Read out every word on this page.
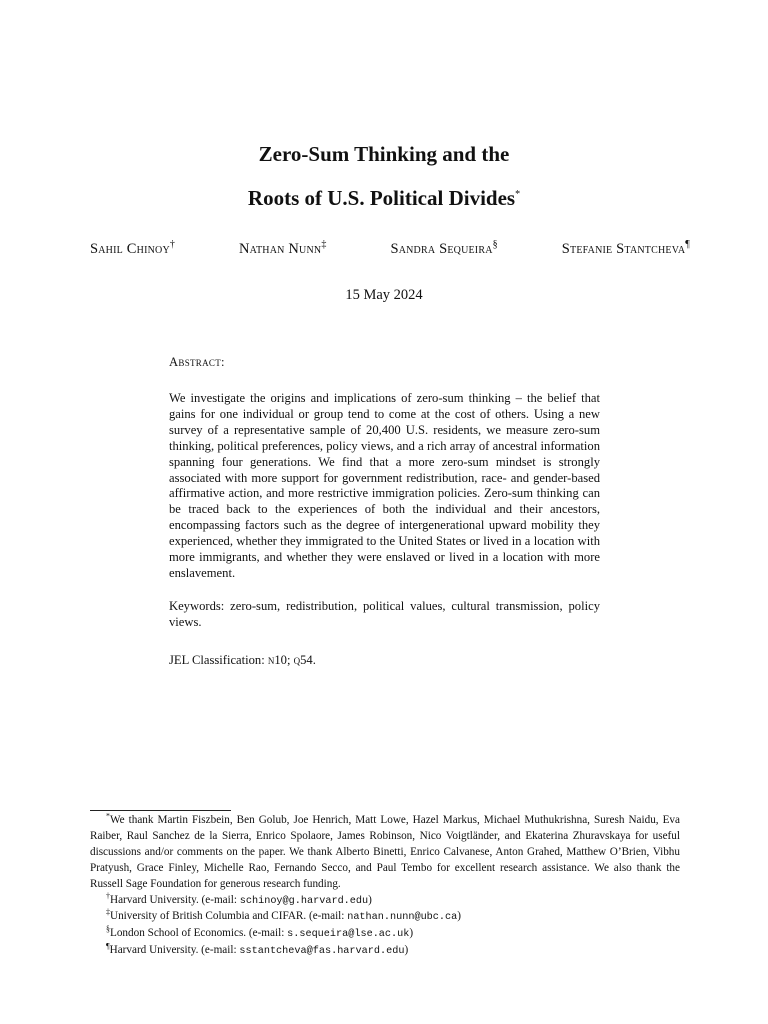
Zero-Sum Thinking and the
Roots of U.S. Political Divides*
Sahil Chinoy†	Nathan Nunn‡	Sandra Sequeira§	Stefanie Stantcheva¶
15 May 2024
Abstract:

We investigate the origins and implications of zero-sum thinking – the belief that gains for one individual or group tend to come at the cost of others. Using a new survey of a representative sample of 20,400 U.S. residents, we measure zero-sum thinking, political preferences, policy views, and a rich array of ancestral information spanning four generations. We find that a more zero-sum mindset is strongly associated with more support for government redistribution, race- and gender-based affirmative action, and more restrictive immigration policies. Zero-sum thinking can be traced back to the experiences of both the individual and their ancestors, encompassing factors such as the degree of intergenerational upward mobility they experienced, whether they immigrated to the United States or lived in a location with more immigrants, and whether they were enslaved or lived in a location with more enslavement.

Keywords: zero-sum, redistribution, political values, cultural transmission, policy views.

JEL Classification: n10; q54.

*We thank Martin Fiszbein, Ben Golub, Joe Henrich, Matt Lowe, Hazel Markus, Michael Muthukrishna, Suresh Naidu, Eva Raiber, Raul Sanchez de la Sierra, Enrico Spolaore, James Robinson, Nico Voigtländer, and Ekaterina Zhuravskaya for useful discussions and/or comments on the paper. We thank Alberto Binetti, Enrico Calvanese, Anton Grahed, Matthew O’Brien, Vibhu Pratyush, Grace Finley, Michelle Rao, Fernando Secco, and Paul Tembo for excellent research assistance. We also thank the Russell Sage Foundation for generous research funding.

†Harvard University. (e-mail: schinoy@g.harvard.edu)

‡University of British Columbia and CIFAR. (e-mail: nathan.nunn@ubc.ca)

§London School of Economics. (e-mail: s.sequeira@lse.ac.uk)

¶Harvard University. (e-mail: sstantcheva@fas.harvard.edu)
